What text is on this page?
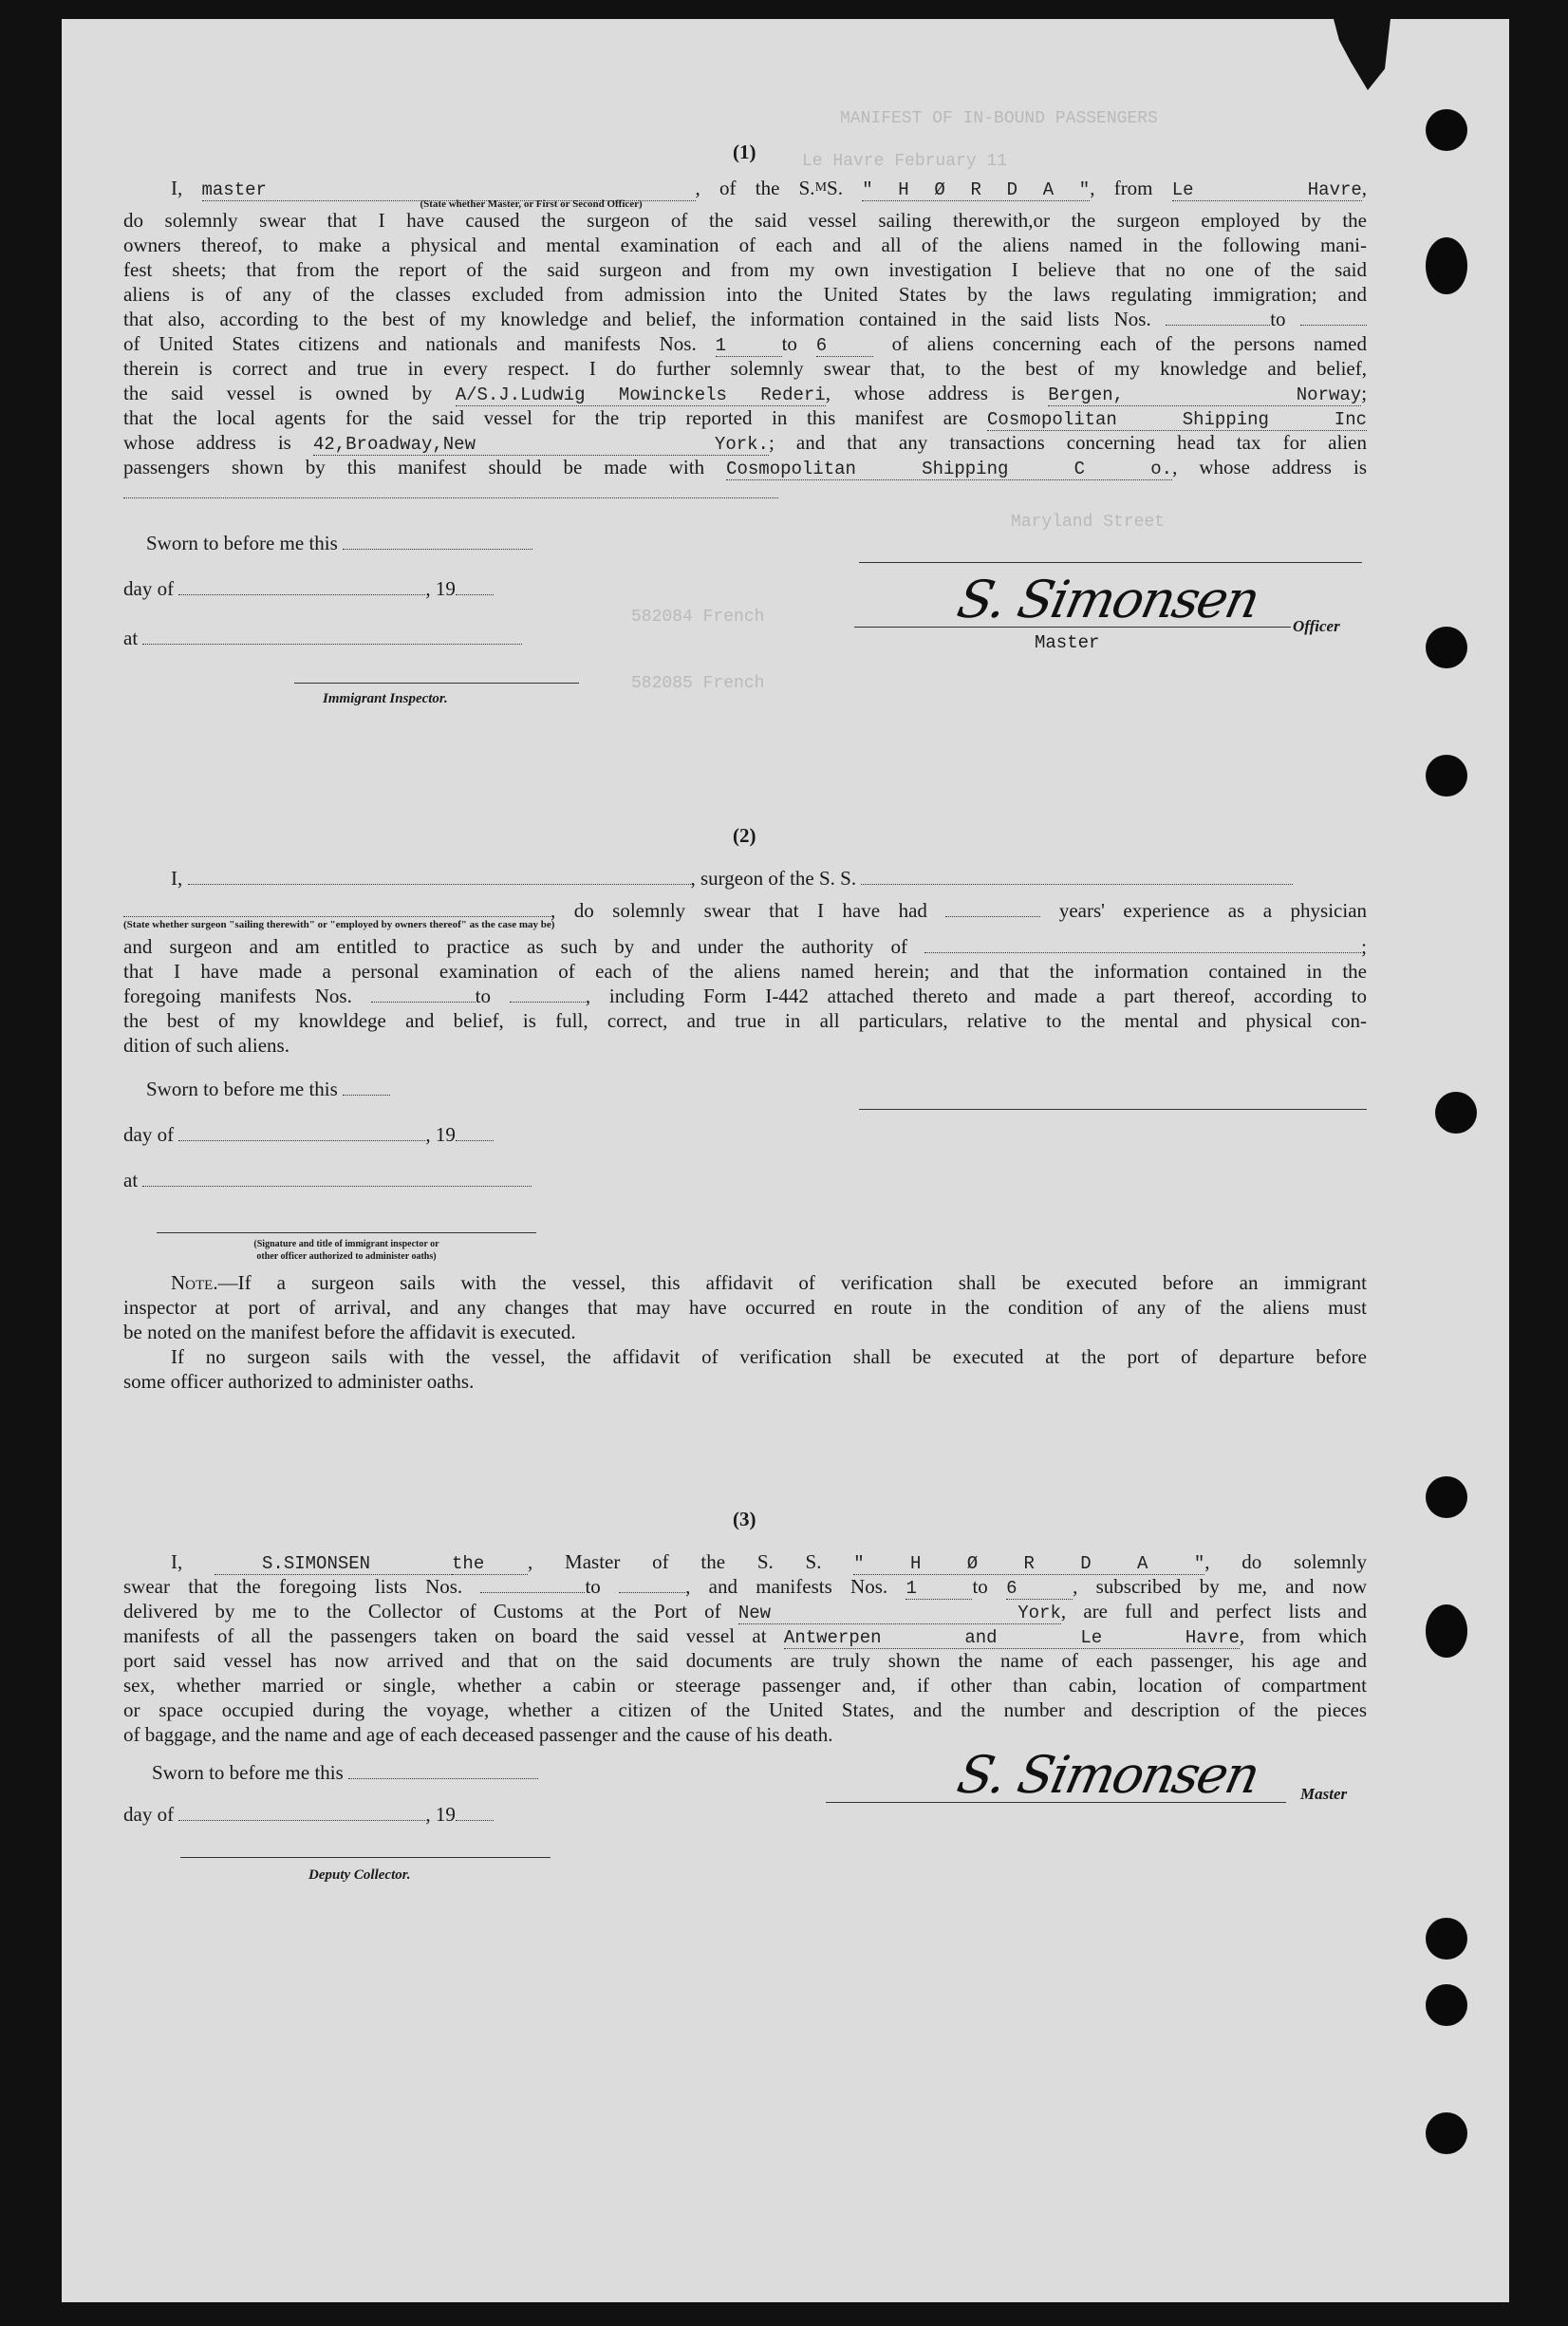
MANIFEST OF IN-BOUND PASSENGERS
Le Havre February 11
Maryland Street
582084 French
582085 French
(1)
I, master
(State whether Master, or First or Second Officer)
, of the S.$^M$S. " H Ø R D A ", from Le Havre,
do solemnly swear that I have caused the surgeon of the said vessel sailing therewith,or the surgeon employed by the
owners thereof, to make a physical and mental examination of each and all of the aliens named in the following mani-
fest sheets; that from the report of the said surgeon and from my own investigation I believe that no one of the said
aliens is of any of the classes excluded from admission into the United States by the laws regulating immigration; and
that also, according to the best of my knowledge and belief, the information contained in the said lists Nos.	to
of United States citizens and nationals and manifests Nos. 1	to 6	of aliens concerning each of the persons named
therein is correct and true in every respect. I do further solemnly swear that, to the best of my knowledge and belief,
the said vessel is owned by A/S.J.Ludwig Mowinckels Rederi, whose address is Bergen, Norway;
that the local agents for the said vessel for the trip reported in this manifest are Cosmopolitan Shipping Inc
whose address is 42,Broadway,New York.; and that any transactions concerning head tax for alien
passengers shown by this manifest should be made with Cosmopolitan Shipping C o., whose address is
Sworn to before me this
day of	, 19
at
Immigrant Inspector.
S. Simonsen Officer
Master
(2)
I,	, surgeon of the S. S.
(State whether surgeon "sailing therewith" or "employed by owners thereof" as the case may be)
, do solemnly swear that I have had	years' experience as a physician
and surgeon and am entitled to practice as such by and under the authority of	;
that I have made a personal examination of each of the aliens named herein; and that the information contained in the
foregoing manifests Nos.	to	, including Form I-442 attached thereto and made a part thereof, according to
the best of my knowldege and belief, is full, correct, and true in all particulars, relative to the mental and physical con-
dition of such aliens.
Sworn to before me this
day of	, 19
at
(Signature and title of immigrant inspector or
other officer authorized to administer oaths)
Note.—If a surgeon sails with the vessel, this affidavit of verification shall be executed before an immigrant
inspector at port of arrival, and any changes that may have occurred en route in the condition of any of the aliens must
be noted on the manifest before the affidavit is executed.
If no surgeon sails with the vessel, the affidavit of verification shall be executed at the port of departure before
some officer authorized to administer oaths.
(3)
I,	S.SIMONSEN	the , Master of the S. S. " H Ø R D A ", do solemnly
swear that the foregoing lists Nos.	to	, and manifests Nos. 1	to 6	, subscribed by me, and now
delivered by me to the Collector of Customs at the Port of New York, are full and perfect lists and
manifests of all the passengers taken on board the said vessel at Antwerpen and Le Havre, from which
port said vessel has now arrived and that on the said documents are truly shown the name of each passenger, his age and
sex, whether married or single, whether a cabin or steerage passenger and, if other than cabin, location of compartment
or space occupied during the voyage, whether a citizen of the United States, and the number and description of the pieces
of baggage, and the name and age of each deceased passenger and the cause of his death.
Sworn to before me this
day of	, 19
Deputy Collector.
S. Simonsen Master
